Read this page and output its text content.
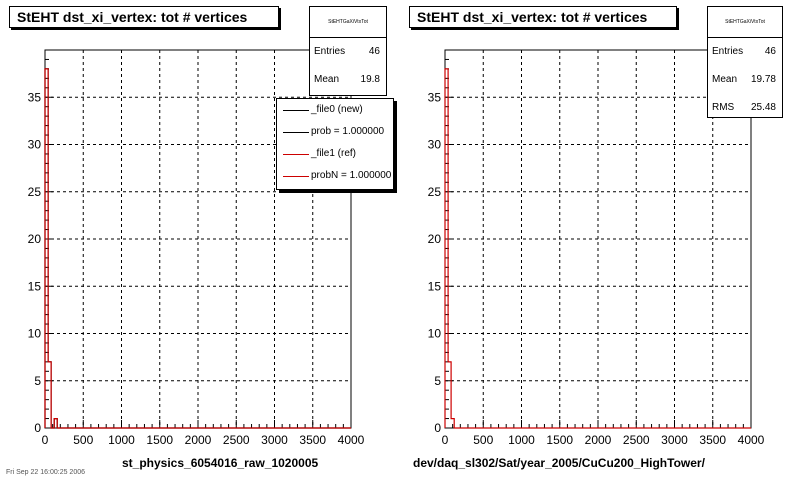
0 500 1000 1500 2000 2500 3000 3500 4000
0
5
10
15
20
25
30
35
StEHT dst_xi_vertex: tot # vertices	StEHTGaXiVtxTot
Entries 46
Mean 19.8
_file0 (new)
prob = 1.000000
_file1 (ref)
probN = 1.000000
st_physics_6054016_raw_1020005
Fri Sep 22 16:00:25 2006
0 500 1000 1500 2000 2500 3000 3500 4000
0
5
10
15
20
25
30
35
StEHT dst_xi_vertex: tot # vertices	StEHTGaXiVtxTot
Entries 46
Mean 19.78
RMS 25.48
dev/daq_sl302/Sat/year_2005/CuCu200_HighTower/
